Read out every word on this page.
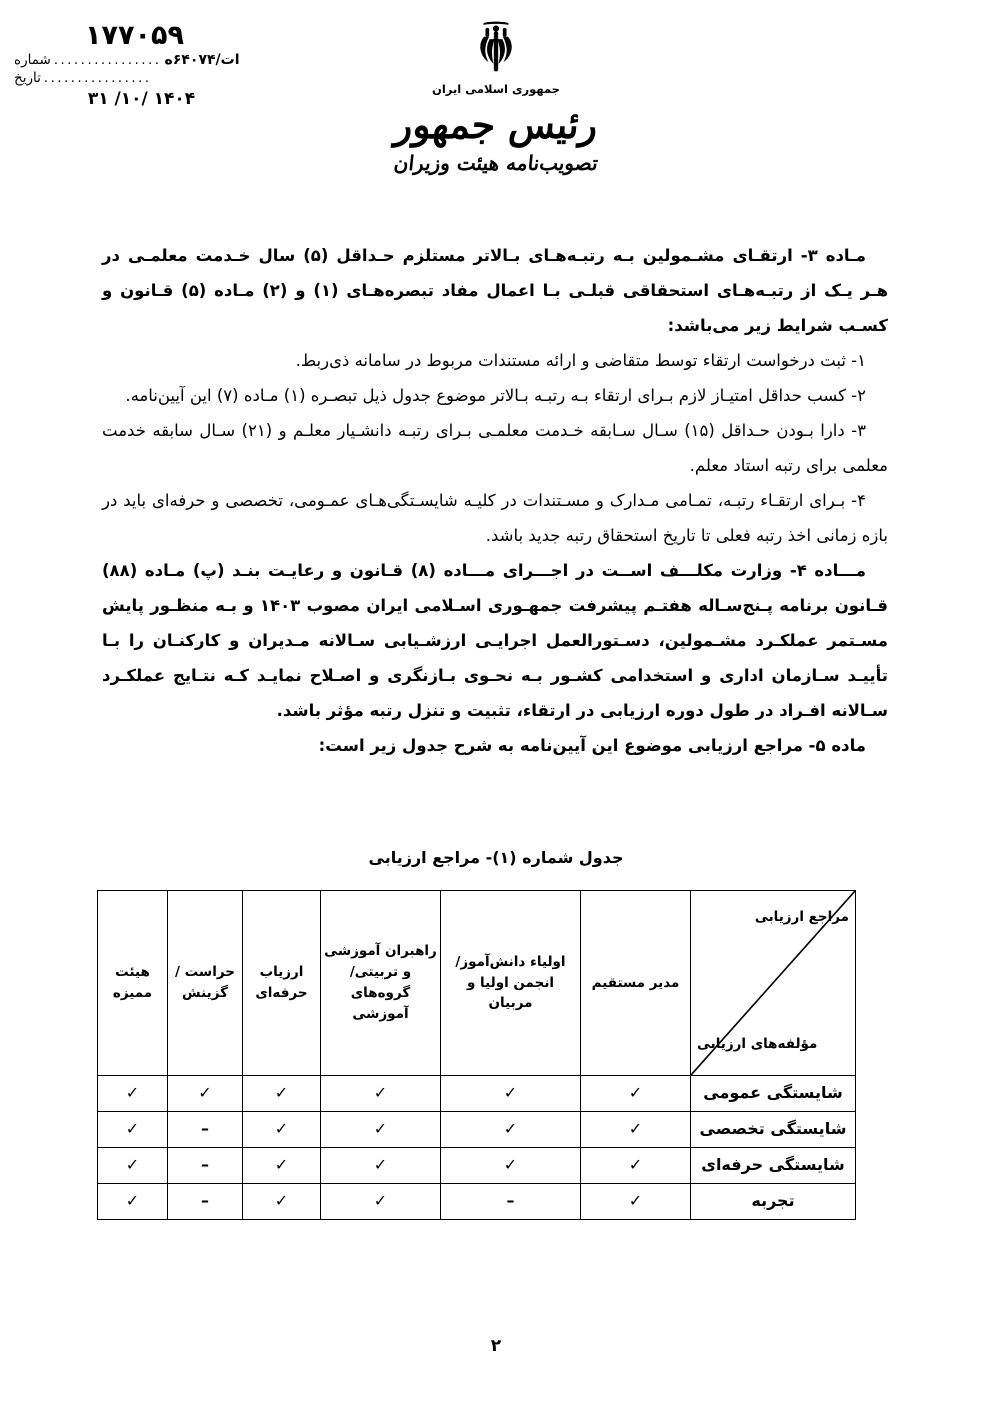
۱۷۷۰۵۹
شماره ................ ات/۶۴۰۷۴ه
تاریخ ................
۱۴۰۴ /۱۰/ ۳۱
جمهوری اسلامی ایران
رئیس جمهور
تصویب‌نامه هیئت وزیران

مـاده ۳- ارتقـای مشـمولین بـه رتبـه‌هـای بـالاتر مستلزم حـداقل (۵) سال خـدمت معلمـی در هـر یـک از رتبـه‌هـای استحقاقی قبلـی بـا اعمال مفاد تبصره‌هـای (۱) و (۲) مـاده (۵) قـانون و کسـب شرایط زیر می‌باشد:

۱- ثبت درخواست ارتقاء توسط متقاضی و ارائه مستندات مربوط در سامانه ذی‌ربط.

۲- کسب حداقل امتیـاز لازم بـرای ارتقاء بـه رتبـه بـالاتر موضوع جدول ذیل تبصـره (۱) مـاده (۷) این آیین‌نامه.

۳- دارا بـودن حـداقل (۱۵) سـال سـابقه خـدمت معلمـی بـرای رتبـه دانشـیار معلـم و (۲۱) سـال سابقه خدمت معلمی برای رتبه استاد معلم.

۴- بـرای ارتقـاء رتبـه، تمـامی مـدارک و مسـتندات در کلیـه شایسـتگی‌هـای عمـومی، تخصصی و حرفه‌ای باید در بازه زمانی اخذ رتبه فعلی تا تاریخ استحقاق رتبه جدید باشد.

مـــاده ۴- وزارت مکلـــف اســت در اجـــرای مـــاده (۸) قـانون و رعایـت بنـد (پ) مـاده (۸۸) قـانون برنامه پـنج‌سـاله هفتـم پیشرفت جمهـوری اسـلامی ایران مصوب ۱۴۰۳ و بـه منظـور پایش مسـتمر عملکـرد مشـمولین، دسـتورالعمل اجرایـی ارزشـیابی سـالانه مـدیران و کارکنـان را بـا تأییـد سـازمان اداری و استخدامی کشـور بـه نحـوی بـازنگری و اصـلاح نمایـد کـه نتـایج عملکـرد سـالانه افـراد در طول دوره ارزیابی در ارتقاء، تثبیت و تنزل رتبه مؤثر باشد.

ماده ۵- مراجع ارزیابی موضوع این آیین‌نامه به شرح جدول زیر است:

جدول شماره (۱)- مراجع ارزیابی
مراجع ارزیابی
مؤلفه‌های ارزیابی	مدیر مستقیم	اولیاء دانش‌آموز/ انجمن اولیا و مربیان	راهبران آموزشی و تربیتی/گروه‌های آموزشی	ارزیاب حرفه‌ای	حراست / گزینش	هیئت ممیزه
شایستگی عمومی	✓	✓	✓	✓	✓	✓
شایستگی تخصصی	✓	✓	✓	✓	–	✓
شایستگی حرفه‌ای	✓	✓	✓	✓	–	✓
تجربه	✓	–	✓	✓	–	✓
۲
